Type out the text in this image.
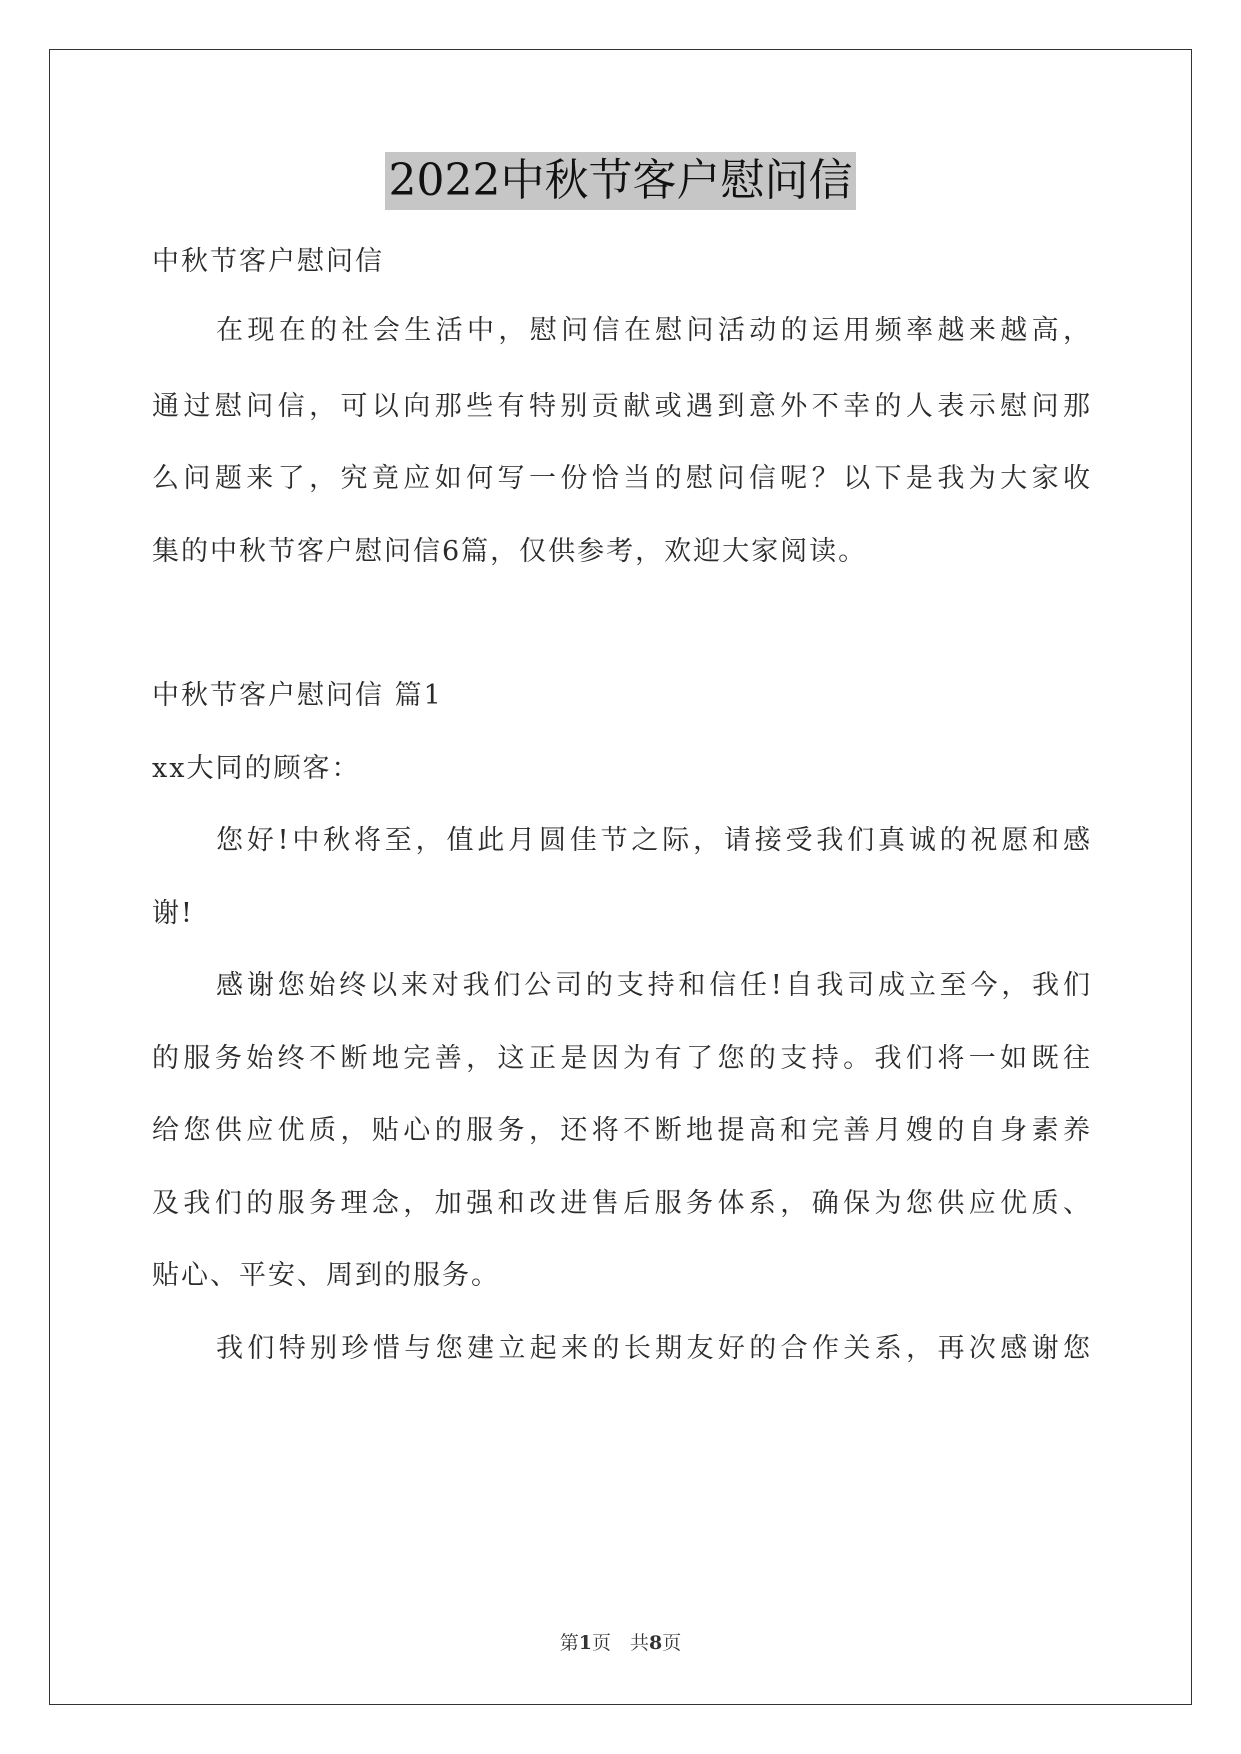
2022中秋节客户慰问信
中秋节客户慰问信
在现在的社会生活中，慰问信在慰问活动的运用频率越来越高，
通过慰问信，可以向那些有特别贡献或遇到意外不幸的人表示慰问那
么问题来了，究竟应如何写一份恰当的慰问信呢？以下是我为大家收
集的中秋节客户慰问信6篇，仅供参考，欢迎大家阅读。
中秋节客户慰问信 篇1
xx大同的顾客：
您好!中秋将至，值此月圆佳节之际，请接受我们真诚的祝愿和感
谢!
感谢您始终以来对我们公司的支持和信任!自我司成立至今，我们
的服务始终不断地完善，这正是因为有了您的支持。我们将一如既往
给您供应优质，贴心的服务，还将不断地提高和完善月嫂的自身素养
及我们的服务理念，加强和改进售后服务体系，确保为您供应优质、
贴心、平安、周到的服务。
我们特别珍惜与您建立起来的长期友好的合作关系，再次感谢您
第1页　共8页
